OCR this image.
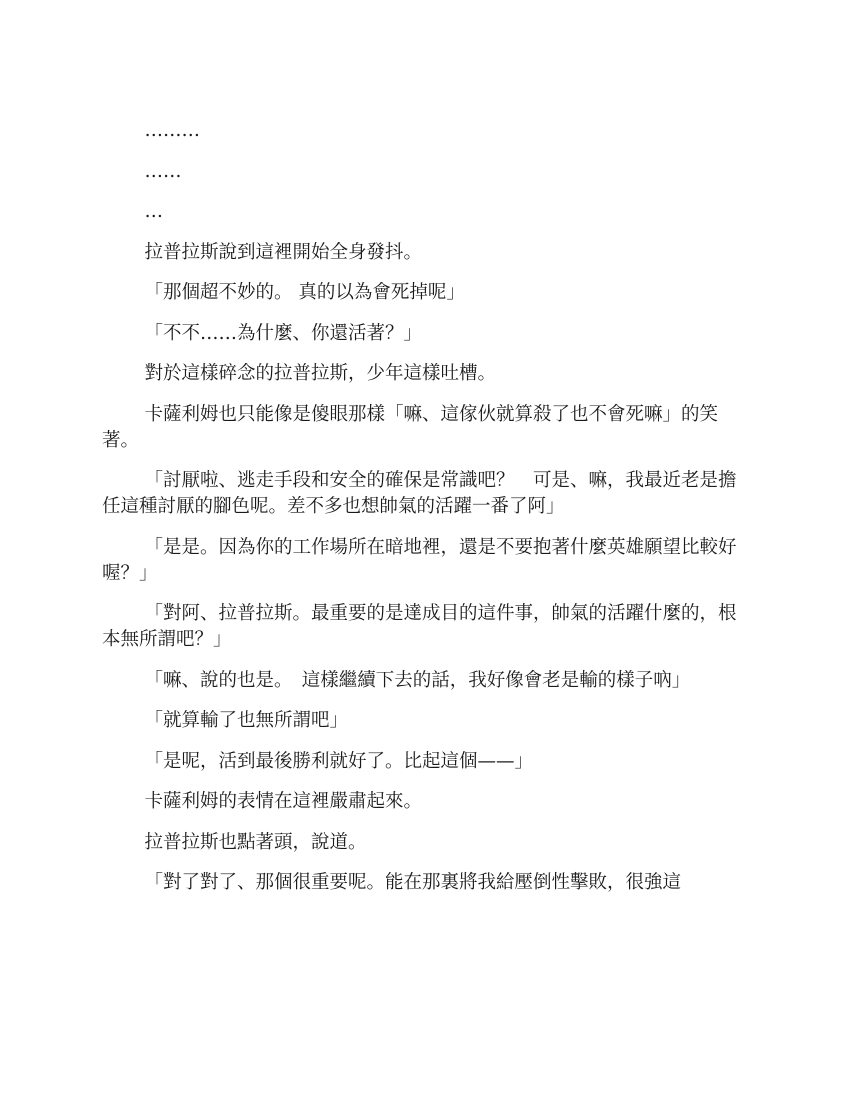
………

……

…

拉普拉斯說到這裡開始全身發抖。

「那個超不妙的。 真的以為會死掉呢」

「不不……為什麼、你還活著？」

對於這樣碎念的拉普拉斯，少年這樣吐槽。

卡薩利姆也只能像是傻眼那樣「嘛、這傢伙就算殺了也不會死嘛」的笑著。

「討厭啦、逃走手段和安全的確保是常識吧？　可是、嘛，我最近老是擔任這種討厭的腳色呢。差不多也想帥氣的活躍一番了阿」

「是是。因為你的工作場所在暗地裡，還是不要抱著什麼英雄願望比較好喔？」

「對阿、拉普拉斯。最重要的是達成目的這件事，帥氣的活躍什麼的，根本無所謂吧？」

「嘛、說的也是。　這樣繼續下去的話，我好像會老是輸的樣子吶」

「就算輸了也無所謂吧」

「是呢，活到最後勝利就好了。比起這個——」

卡薩利姆的表情在這裡嚴肅起來。

拉普拉斯也點著頭，說道。

「對了對了、那個很重要呢。能在那裏將我給壓倒性擊敗，很強這
